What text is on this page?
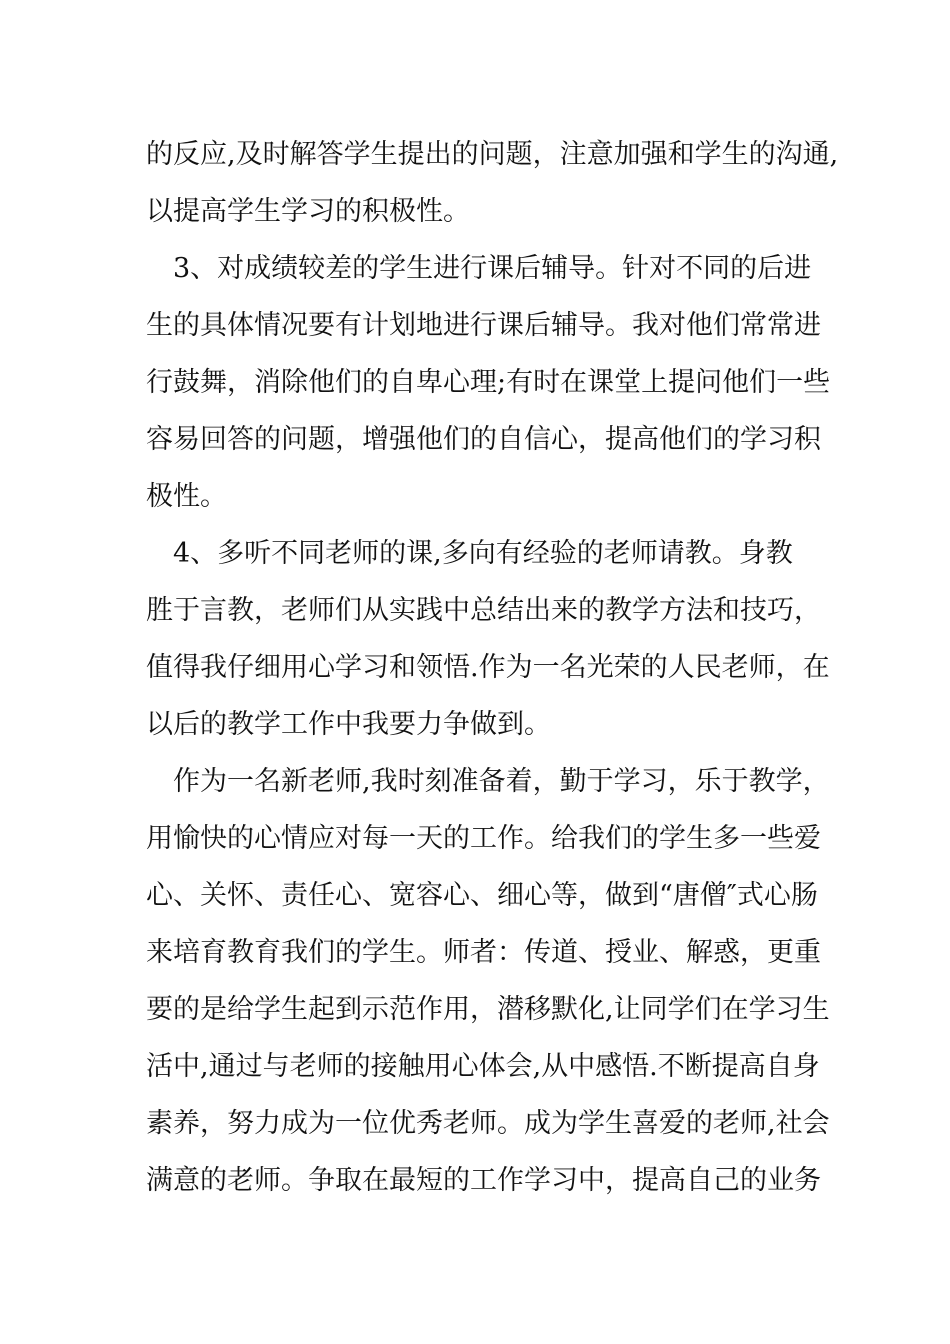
的反应,及时解答学生提出的问题，注意加强和学生的沟通,
以提高学生学习的积极性。
　3、对成绩较差的学生进行课后辅导。针对不同的后进
生的具体情况要有计划地进行课后辅导。我对他们常常进
行鼓舞，消除他们的自卑心理;有时在课堂上提问他们一些
容易回答的问题，增强他们的自信心，提高他们的学习积
极性。
　4、多听不同老师的课,多向有经验的老师请教。身教
胜于言教，老师们从实践中总结出来的教学方法和技巧，
值得我仔细用心学习和领悟.作为一名光荣的人民老师，在
以后的教学工作中我要力争做到。
　作为一名新老师,我时刻准备着，勤于学习，乐于教学，
用愉快的心情应对每一天的工作。给我们的学生多一些爱
心、关怀、责任心、宽容心、细心等，做到“唐僧″式心肠
来培育教育我们的学生。师者：传道、授业、解惑，更重
要的是给学生起到示范作用，潜移默化,让同学们在学习生
活中,通过与老师的接触用心体会,从中感悟.不断提高自身
素养，努力成为一位优秀老师。成为学生喜爱的老师,社会
满意的老师。争取在最短的工作学习中，提高自己的业务
